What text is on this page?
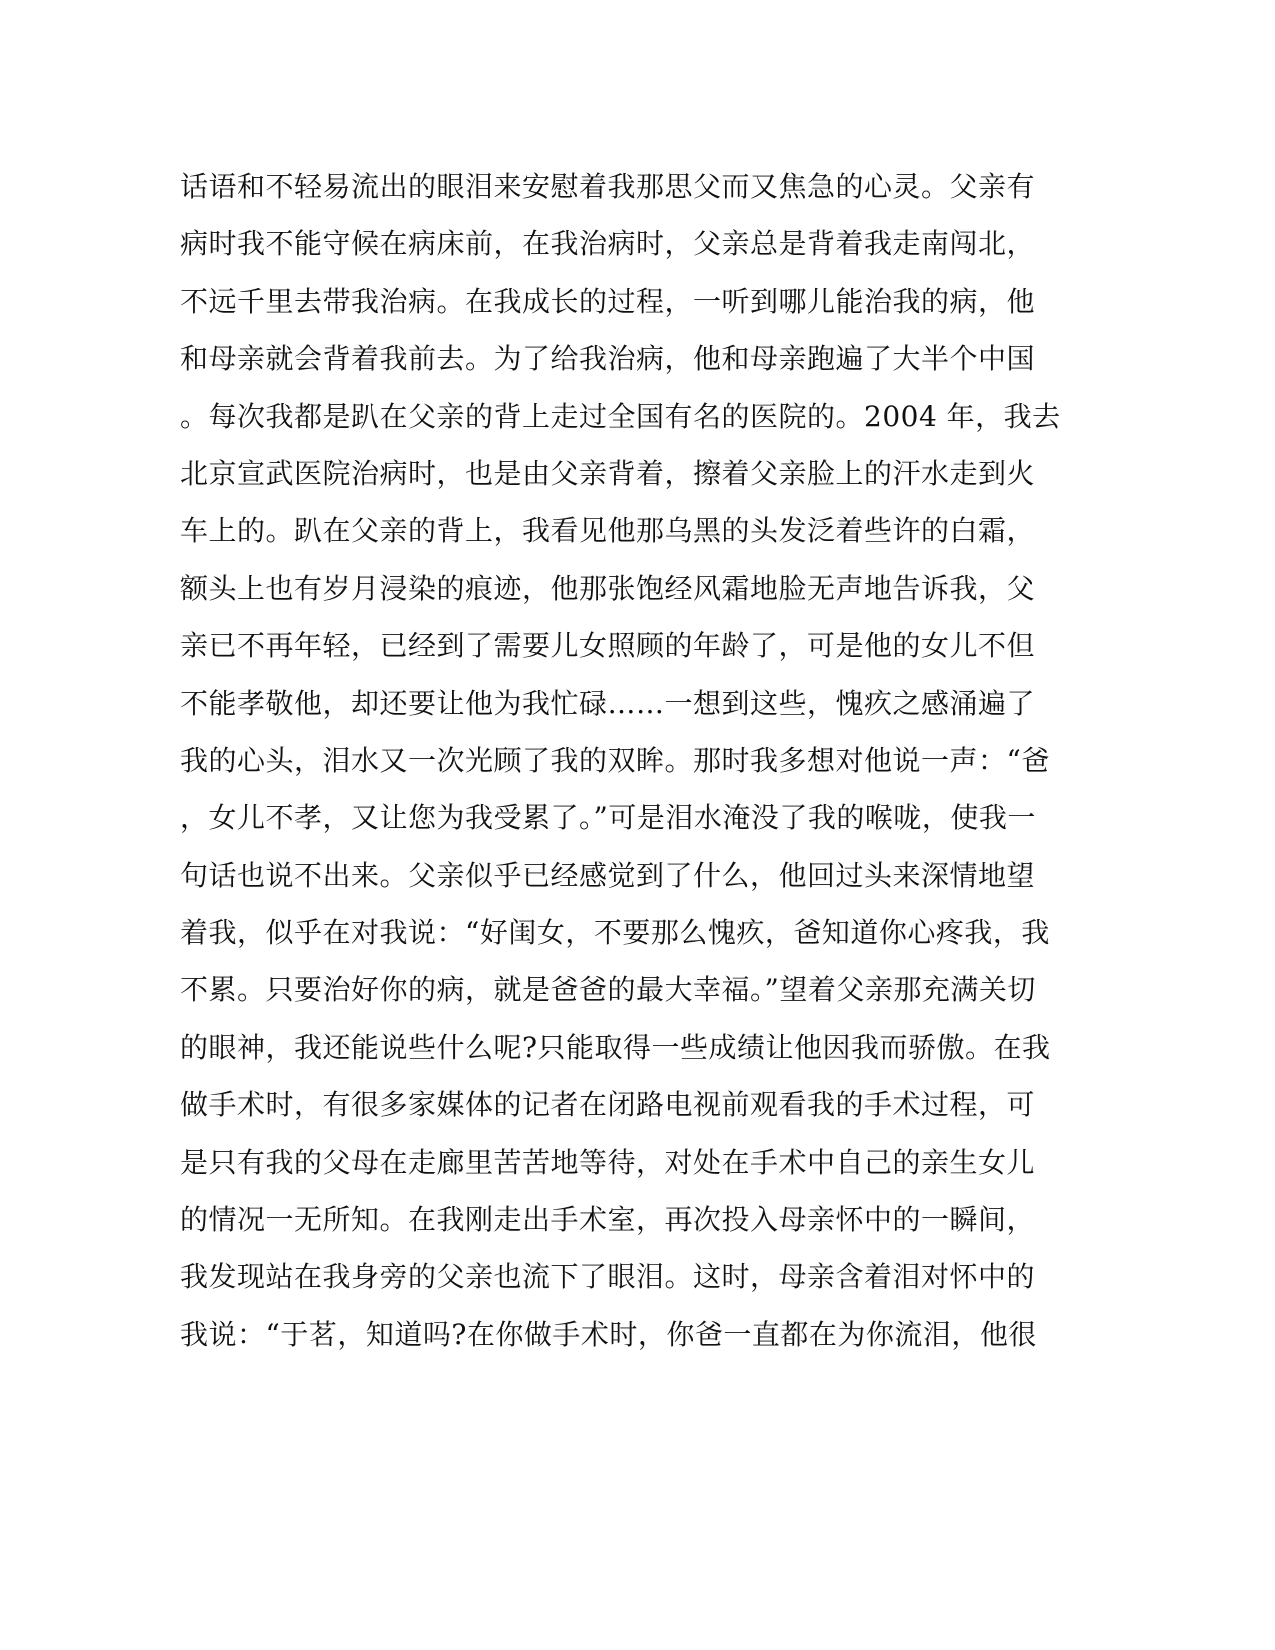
话语和不轻易流出的眼泪来安慰着我那思父而又焦急的心灵。父亲有
病时我不能守候在病床前，在我治病时，父亲总是背着我走南闯北，
不远千里去带我治病。在我成长的过程，一听到哪儿能治我的病，他
和母亲就会背着我前去。为了给我治病，他和母亲跑遍了大半个中国
。每次我都是趴在父亲的背上走过全国有名的医院的。2004 年，我去
北京宣武医院治病时，也是由父亲背着，擦着父亲脸上的汗水走到火
车上的。趴在父亲的背上，我看见他那乌黑的头发泛着些许的白霜，
额头上也有岁月浸染的痕迹，他那张饱经风霜地脸无声地告诉我，父
亲已不再年轻，已经到了需要儿女照顾的年龄了，可是他的女儿不但
不能孝敬他，却还要让他为我忙碌……一想到这些，愧疚之感涌遍了
我的心头，泪水又一次光顾了我的双眸。那时我多想对他说一声：“爸
，女儿不孝，又让您为我受累了。”可是泪水淹没了我的喉咙，使我一
句话也说不出来。父亲似乎已经感觉到了什么，他回过头来深情地望
着我，似乎在对我说：“好闺女，不要那么愧疚，爸知道你心疼我，我
不累。只要治好你的病，就是爸爸的最大幸福。”望着父亲那充满关切
的眼神，我还能说些什么呢?只能取得一些成绩让他因我而骄傲。在我
做手术时，有很多家媒体的记者在闭路电视前观看我的手术过程，可
是只有我的父母在走廊里苦苦地等待，对处在手术中自己的亲生女儿
的情况一无所知。在我刚走出手术室，再次投入母亲怀中的一瞬间，
我发现站在我身旁的父亲也流下了眼泪。这时，母亲含着泪对怀中的
我说：“于茗，知道吗?在你做手术时，你爸一直都在为你流泪，他很
